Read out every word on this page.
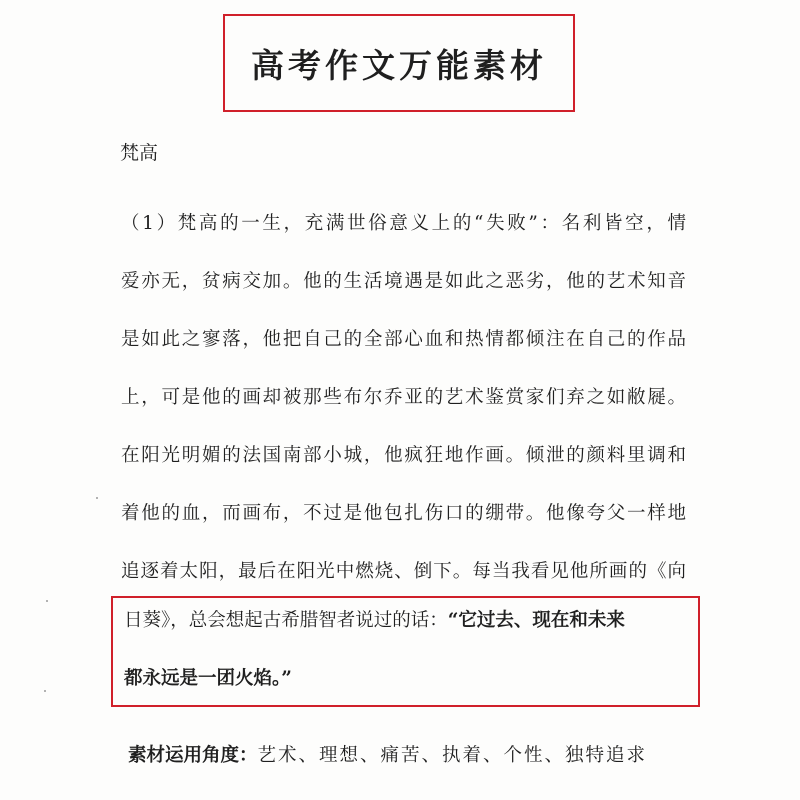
高考作文万能素材
梵高
（1）梵高的一生，充满世俗意义上的“失败”：名利皆空，情
爱亦无，贫病交加。他的生活境遇是如此之恶劣，他的艺术知音
是如此之寥落，他把自己的全部心血和热情都倾注在自己的作品
上，可是他的画却被那些布尔乔亚的艺术鉴赏家们弃之如敝屣。
在阳光明媚的法国南部小城，他疯狂地作画。倾泄的颜料里调和
着他的血，而画布，不过是他包扎伤口的绷带。他像夸父一样地
追逐着太阳，最后在阳光中燃烧、倒下。每当我看见他所画的《向
日葵》，总会想起古希腊智者说过的话：“它过去、现在和未来
都永远是一团火焰。”
素材运用角度：艺术、理想、痛苦、执着、个性、独特追求
